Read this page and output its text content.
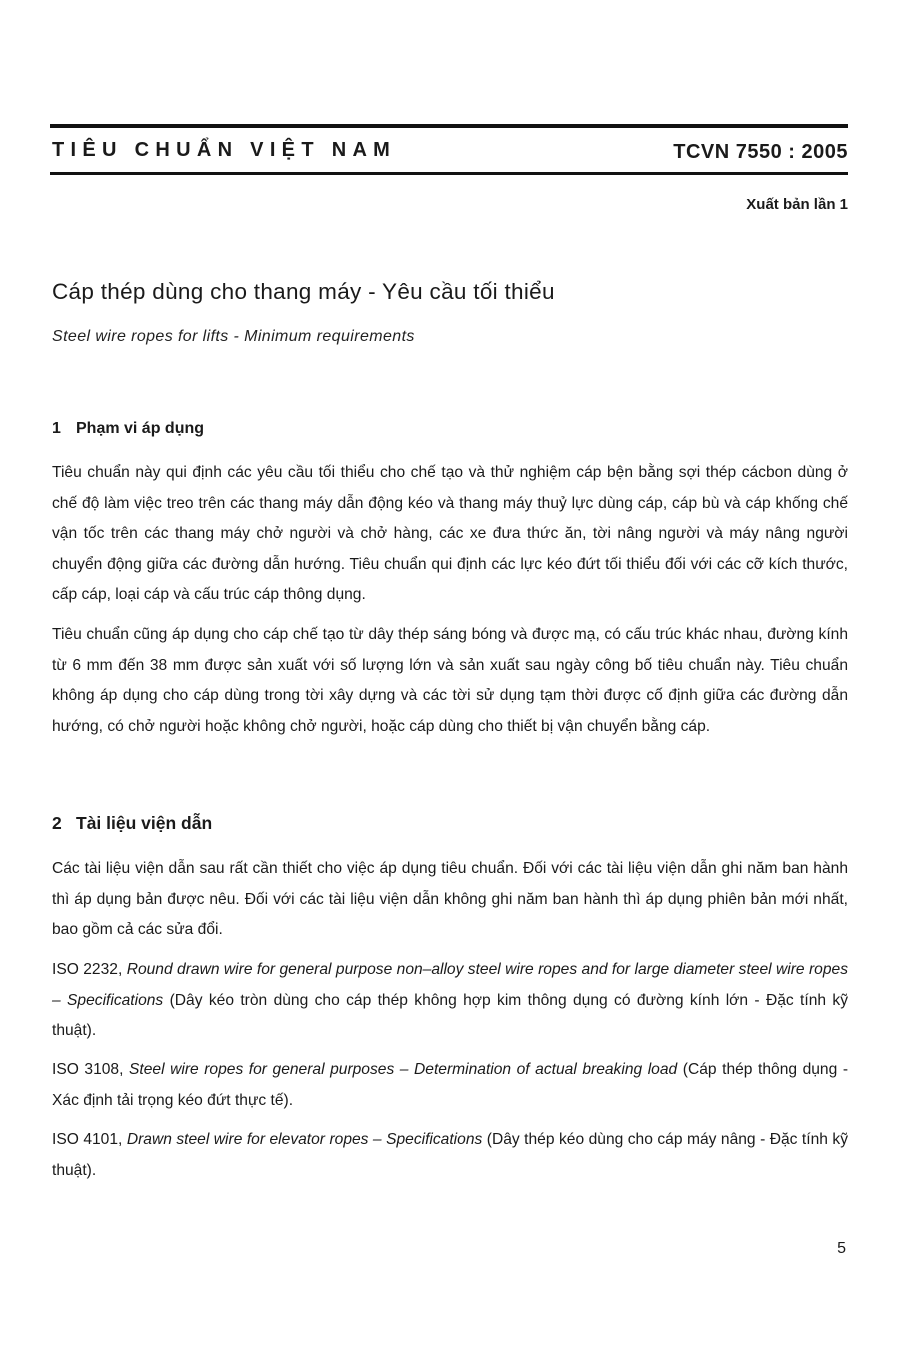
TIÊU CHUẨN VIỆT NAM	TCVN 7550 : 2005
Xuất bản lần 1
Cáp thép dùng cho thang máy - Yêu cầu tối thiểu
Steel wire ropes for lifts - Minimum requirements
1 Phạm vi áp dụng

Tiêu chuẩn này qui định các yêu cầu tối thiểu cho chế tạo và thử nghiệm cáp bện bằng sợi thép cácbon dùng ở chế độ làm việc treo trên các thang máy dẫn động kéo và thang máy thuỷ lực dùng cáp, cáp bù và cáp khống chế vận tốc trên các thang máy chở người và chở hàng, các xe đưa thức ăn, tời nâng người và máy nâng người chuyển động giữa các đường dẫn hướng. Tiêu chuẩn qui định các lực kéo đứt tối thiểu đối với các cỡ kích thước, cấp cáp, loại cáp và cấu trúc cáp thông dụng.

Tiêu chuẩn cũng áp dụng cho cáp chế tạo từ dây thép sáng bóng và được mạ, có cấu trúc khác nhau, đường kính từ 6 mm đến 38 mm được sản xuất với số lượng lớn và sản xuất sau ngày công bố tiêu chuẩn này. Tiêu chuẩn không áp dụng cho cáp dùng trong tời xây dựng và các tời sử dụng tạm thời được cố định giữa các đường dẫn hướng, có chở người hoặc không chở người, hoặc cáp dùng cho thiết bị vận chuyển bằng cáp.

2 Tài liệu viện dẫn

Các tài liệu viện dẫn sau rất cần thiết cho việc áp dụng tiêu chuẩn. Đối với các tài liệu viện dẫn ghi năm ban hành thì áp dụng bản được nêu. Đối với các tài liệu viện dẫn không ghi năm ban hành thì áp dụng phiên bản mới nhất, bao gồm cả các sửa đổi.

ISO 2232, Round drawn wire for general purpose non–alloy steel wire ropes and for large diameter steel wire ropes – Specifications (Dây kéo tròn dùng cho cáp thép không hợp kim thông dụng có đường kính lớn - Đặc tính kỹ thuật).

ISO 3108, Steel wire ropes for general purposes – Determination of actual breaking load (Cáp thép thông dụng - Xác định tải trọng kéo đứt thực tế).

ISO 4101, Drawn steel wire for elevator ropes – Specifications (Dây thép kéo dùng cho cáp máy nâng - Đặc tính kỹ thuật).

5
